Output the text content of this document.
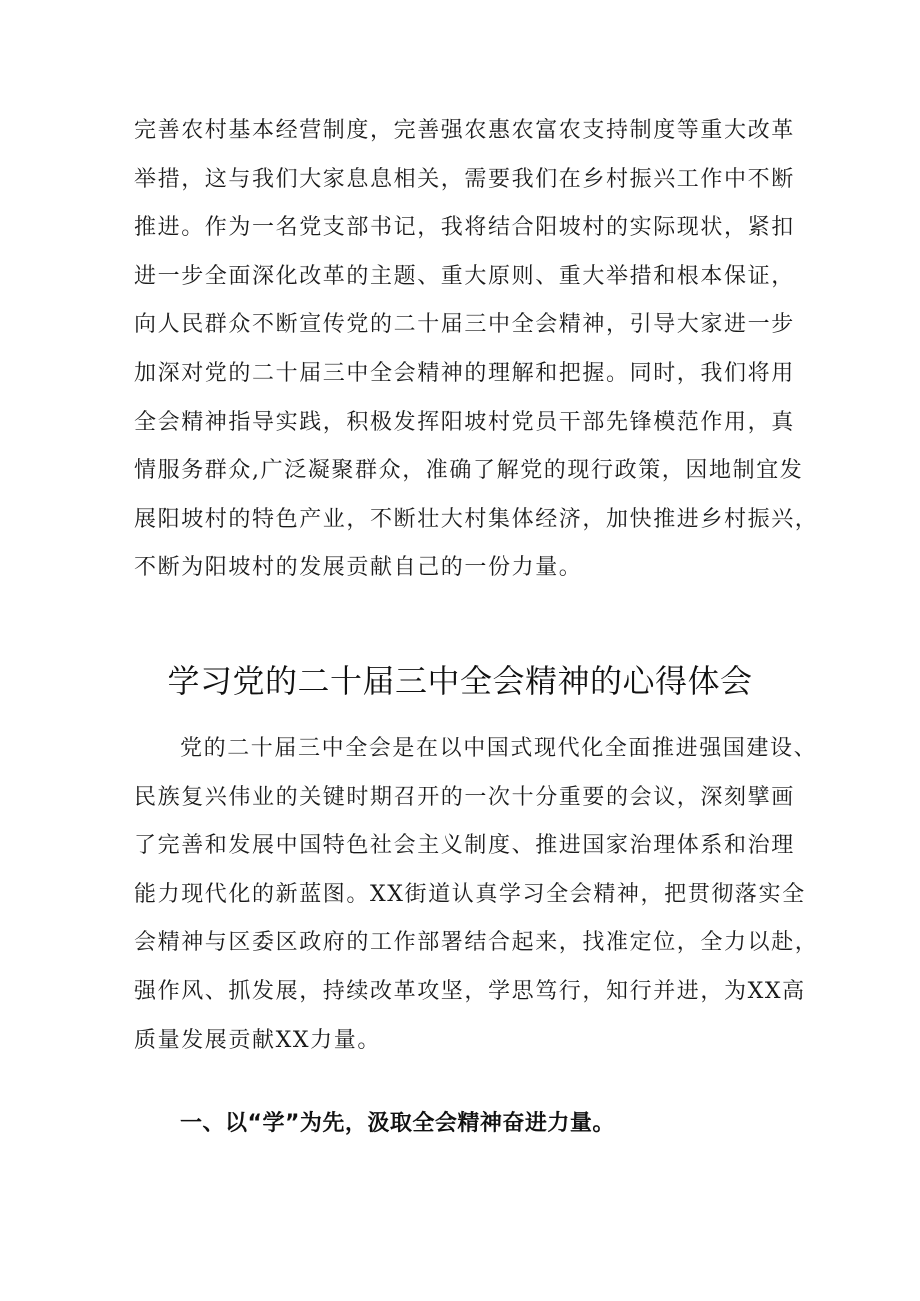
完善农村基本经营制度，完善强农惠农富农支持制度等重大改革
举措，这与我们大家息息相关，需要我们在乡村振兴工作中不断
推进。作为一名党支部书记，我将结合阳坡村的实际现状，紧扣
进一步全面深化改革的主题、重大原则、重大举措和根本保证，
向人民群众不断宣传党的二十届三中全会精神，引导大家进一步
加深对党的二十届三中全会精神的理解和把握。同时，我们将用
全会精神指导实践，积极发挥阳坡村党员干部先锋模范作用，真
情服务群众,广泛凝聚群众，准确了解党的现行政策，因地制宜发
展阳坡村的特色产业，不断壮大村集体经济，加快推进乡村振兴，
不断为阳坡村的发展贡献自己的一份力量。
学习党的二十届三中全会精神的心得体会
党的二十届三中全会是在以中国式现代化全面推进强国建设、
民族复兴伟业的关键时期召开的一次十分重要的会议，深刻擘画
了完善和发展中国特色社会主义制度、推进国家治理体系和治理
能力现代化的新蓝图。XX街道认真学习全会精神，把贯彻落实全
会精神与区委区政府的工作部署结合起来，找准定位，全力以赴，
强作风、抓发展，持续改革攻坚，学思笃行，知行并进，为XX高
质量发展贡献XX力量。
一、以“学”为先，汲取全会精神奋进力量。
